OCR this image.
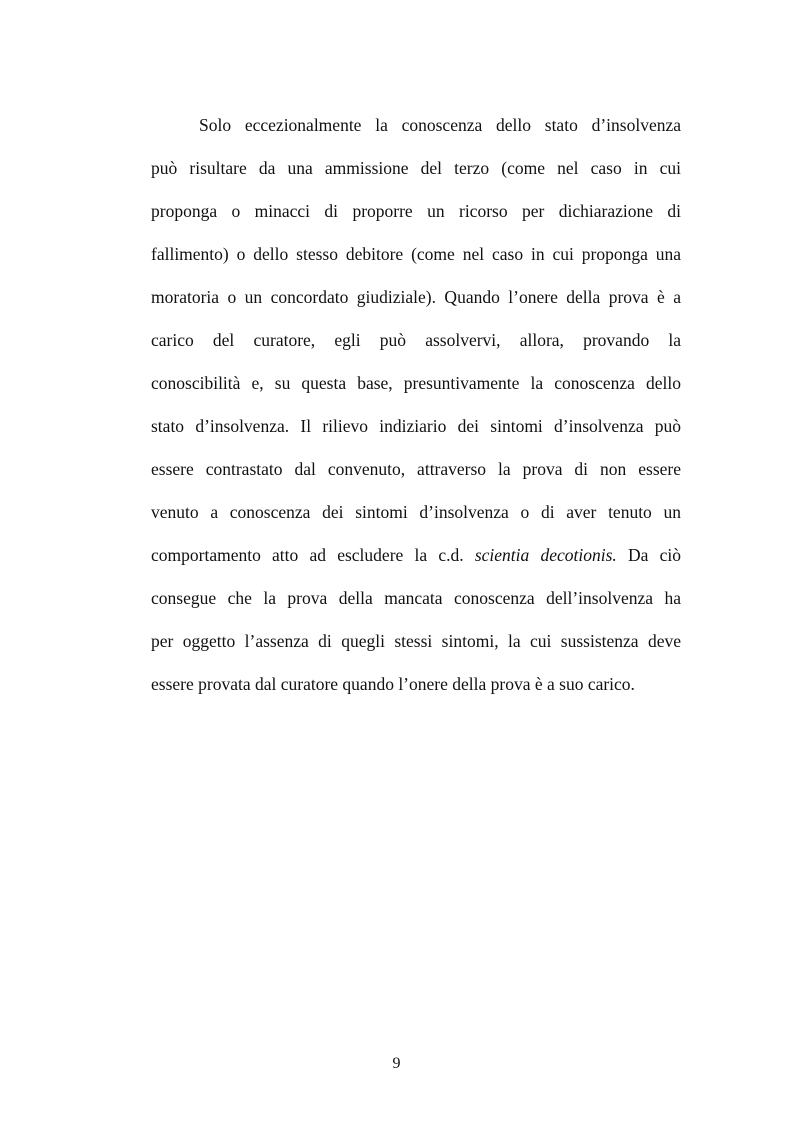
Solo eccezionalmente la conoscenza dello stato d’insolvenza
può risultare da una ammissione del terzo (come nel caso in cui
proponga o minacci di proporre un ricorso per dichiarazione di
fallimento) o dello stesso debitore (come nel caso in cui proponga una
moratoria o un concordato giudiziale). Quando l’onere della prova è a
carico del curatore, egli può assolvervi, allora, provando la
conoscibilità e, su questa base, presuntivamente la conoscenza dello
stato d’insolvenza. Il rilievo indiziario dei sintomi d’insolvenza può
essere contrastato dal convenuto, attraverso la prova di non essere
venuto a conoscenza dei sintomi d’insolvenza o di aver tenuto un
comportamento atto ad escludere la c.d. scientia decotionis. Da ciò
consegue che la prova della mancata conoscenza dell’insolvenza ha
per oggetto l’assenza di quegli stessi sintomi, la cui sussistenza deve
essere provata dal curatore quando l’onere della prova è a suo carico.
9
